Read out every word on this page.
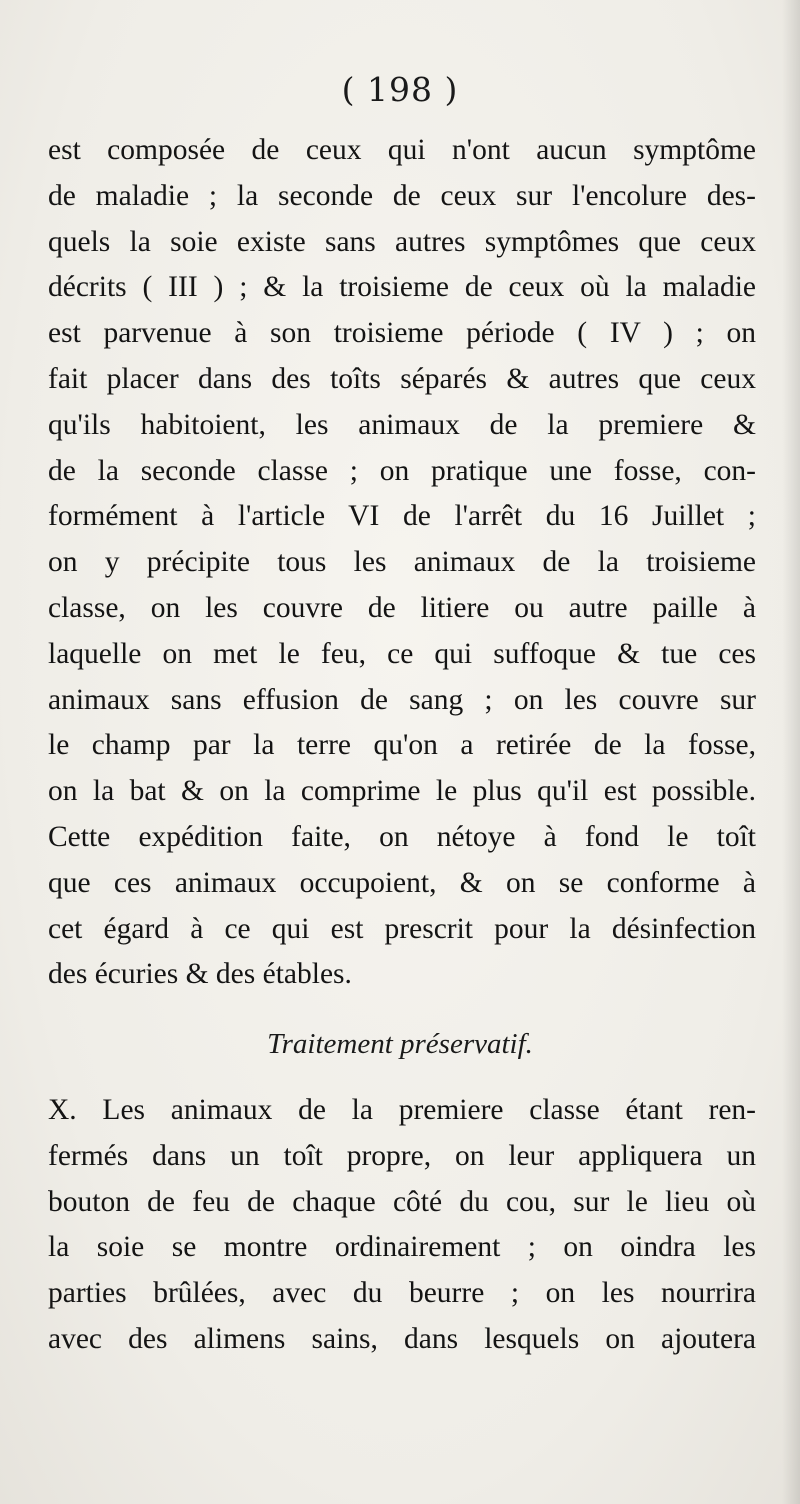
( 198 )
est composée de ceux qui n'ont aucun symptôme
de maladie ; la seconde de ceux sur l'encolure des-
quels la soie existe sans autres symptômes que ceux
décrits ( III ) ; & la troisieme de ceux où la maladie
est parvenue à son troisieme période ( IV ) ; on
fait placer dans des toîts séparés & autres que ceux
qu'ils habitoient, les animaux de la premiere &
de la seconde classe ; on pratique une fosse, con-
formément à l'article VI de l'arrêt du 16 Juillet ;
on y précipite tous les animaux de la troisieme
classe, on les couvre de litiere ou autre paille à
laquelle on met le feu, ce qui suffoque & tue ces
animaux sans effusion de sang ; on les couvre sur
le champ par la terre qu'on a retirée de la fosse,
on la bat & on la comprime le plus qu'il est possible.
Cette expédition faite, on nétoye à fond le toît
que ces animaux occupoient, & on se conforme à
cet égard à ce qui est prescrit pour la désinfection
des écuries & des étables.
Traitement préservatif.
X. Les animaux de la premiere classe étant ren-
fermés dans un toît propre, on leur appliquera un
bouton de feu de chaque côté du cou, sur le lieu où
la soie se montre ordinairement ; on oindra les
parties brûlées, avec du beurre ; on les nourrira
avec des alimens sains, dans lesquels on ajoutera
